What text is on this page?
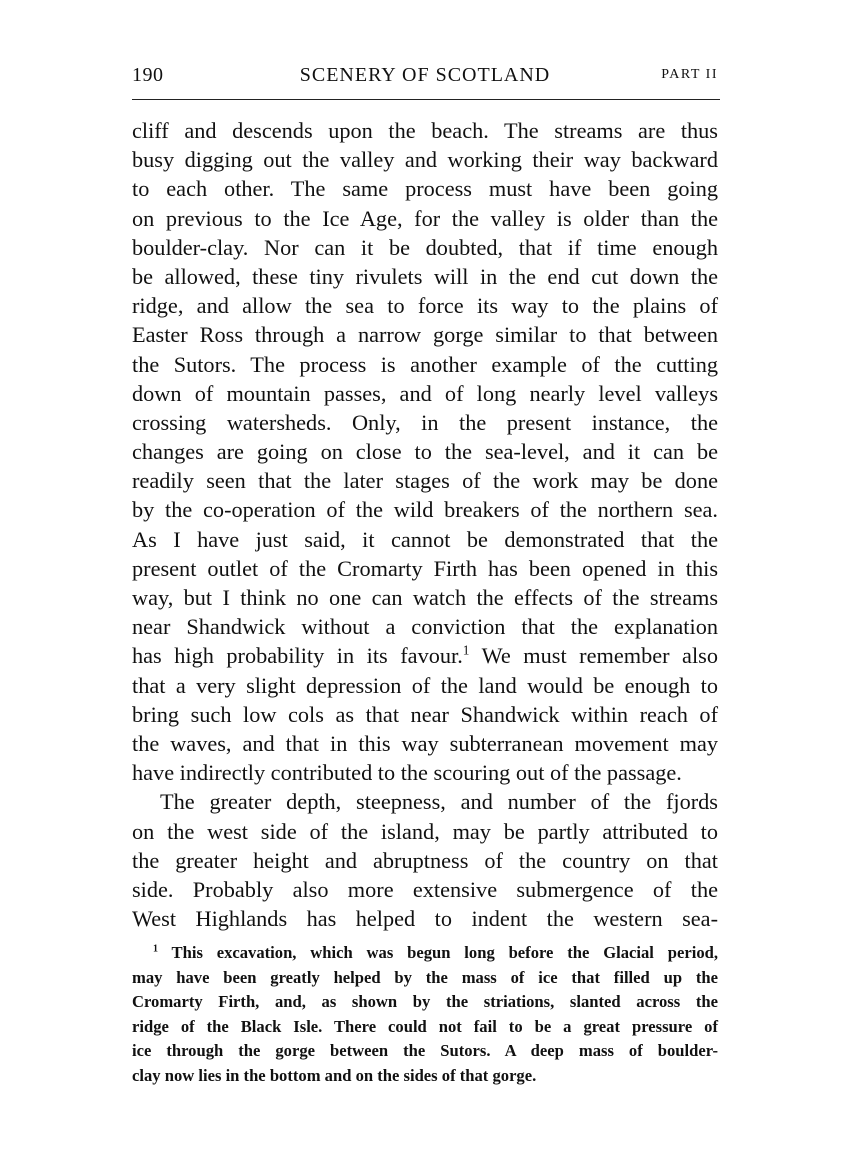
190	SCENERY OF SCOTLAND	PART II
cliff and descends upon the beach. The streams are thus
busy digging out the valley and working their way backward
to each other. The same process must have been going
on previous to the Ice Age, for the valley is older than the
boulder-clay. Nor can it be doubted, that if time enough
be allowed, these tiny rivulets will in the end cut down the
ridge, and allow the sea to force its way to the plains of
Easter Ross through a narrow gorge similar to that between
the Sutors. The process is another example of the cutting
down of mountain passes, and of long nearly level valleys
crossing watersheds. Only, in the present instance, the
changes are going on close to the sea-level, and it can be
readily seen that the later stages of the work may be done
by the co-operation of the wild breakers of the northern sea.
As I have just said, it cannot be demonstrated that the
present outlet of the Cromarty Firth has been opened in this
way, but I think no one can watch the effects of the streams
near Shandwick without a conviction that the explanation
has high probability in its favour.$^1$ We must remember also
that a very slight depression of the land would be enough to
bring such low cols as that near Shandwick within reach of
the waves, and that in this way subterranean movement may
have indirectly contributed to the scouring out of the passage.
The greater depth, steepness, and number of the fjords
on the west side of the island, may be partly attributed to
the greater height and abruptness of the country on that
side. Probably also more extensive submergence of the
West Highlands has helped to indent the western sea-
$^1$ This excavation, which was begun long before the Glacial period,
may have been greatly helped by the mass of ice that filled up the
Cromarty Firth, and, as shown by the striations, slanted across the
ridge of the Black Isle. There could not fail to be a great pressure of
ice through the gorge between the Sutors. A deep mass of boulder-
clay now lies in the bottom and on the sides of that gorge.
